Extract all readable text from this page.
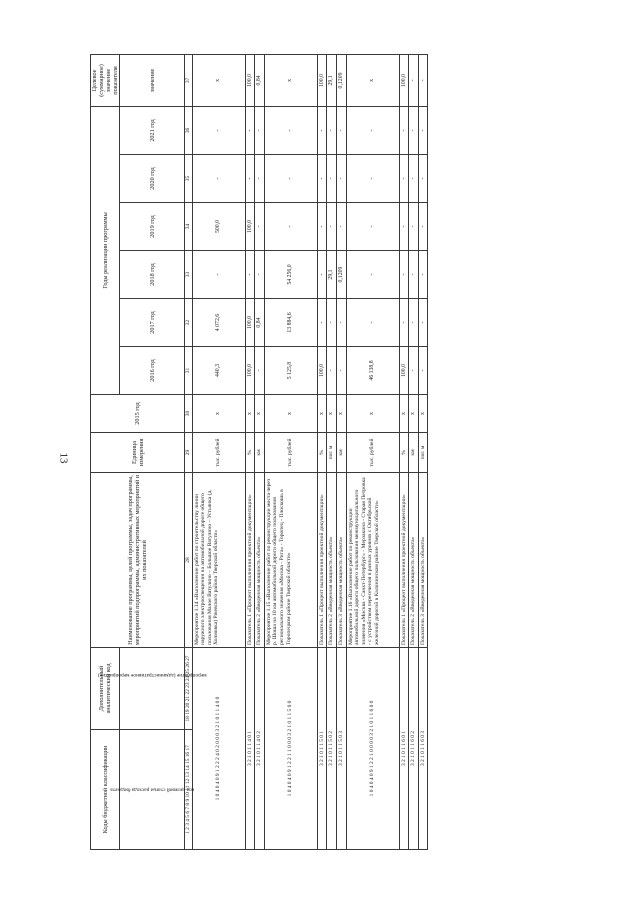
13
Коды бюджетной классификации	Дополнительный аналитический код	Наименование программы, целей программы, задач программы, мероприятий подпрограммы, административных мероприятий и их показателей	Единица измерения	2015 год	Годы реализации программы						Целевое (суммарное) значение показателя
код целевой статьи расхода бюджета	мероприятие (административное мероприятие)				2016 год	2017 год	2018 год	2019 год	2020 год	2021 год	значение
1 2 3 4 5 6 7 8 9 10 11 12 13 14 15 16 17	18 19 20 21 22 23 24 25 26 27	28	29	30	31	32	33	34	35	36	37
1 0 4 0 4 0 9 1 2 2 2 4 0 2 0 0 0 3 2 1 0 1 1 4 0 0		Мероприятие 1.14 «Выполнение работ по строительству линии наружного электроосвещения на автомобильной дороге общего пользования Малое Ватулино – Большое Ватулино – Устьянка (д. Холмовка) Ржевского района Тверской области»	тыс. рублей	х	440,3	4 072,6	-	500,0	-	-	х
3 2 1 0 1 1 4 0 1		Показатель 1 «Процент выполнения проектной документации»	%	х	100,0	100,0	-	100,0	-	-	100,0
3 2 1 0 1 1 4 0 2		Показатель 2 «Введенная мощность объекта»	км	х	-	0,84	-	-	-	-	0,84
1 0 4 0 4 0 9 1 2 2 1 1 0 0 0 3 2 1 0 1 1 5 0 0		Мероприятие 1.15 «Выполнение работ по реконструкции моста через р. Шоша на 10 км автомобильной дороги общего пользования регионального значения «Москва - Рига» - Торопец - Плоскошь в Торопецком районе Тверской области»	тыс. рублей	х	5 125,8	13 884,6	54 256,0	-	-	-	х
3 2 1 0 1 1 5 0 1		Показатель 1 «Процент выполнения проектной документации»	%	х	100,0	-	-	-	-	-	100,0
3 2 1 0 1 1 5 0 2		Показатель 2 «Введенная мощность объекта»	пог. м	х	-	-	29,1	-	-	-	29,1
3 2 1 0 1 1 5 0 3		Показатель 3 «Введенная мощность объекта»	км	х	-	-	0,1209	-	-	-	0,1209
1 0 4 0 4 0 9 1 2 2 1 0 0 0 0 3 2 1 0 1 1 6 0 0		Мероприятие 1.16 «Выполнение работ по реконструкции автомобильной дороги общего пользования межмуниципального значения «Москва - Санкт-Петербург» - Мерзакина - Старая Петровка - с устройством пересечения в разных уровнях с Октябрьской железной дорогой в Калининском районе Тверской области»	тыс. рублей	х	46 138,8	-	-	-	-	-	х
3 2 1 0 1 1 6 0 1		Показатель 1 «Процент выполнения проектной документации»	%	х	100,0	-	-	-	-	-	100,0
3 2 1 0 1 1 6 0 2		Показатель 2 «Введенная мощность объекта»	км	х	-	-	-	-	-	-	-
3 2 1 0 1 1 6 0 3		Показатель 3 «Введенная мощность объекта»	пог. м	х	-	-	-	-	-	-	-
